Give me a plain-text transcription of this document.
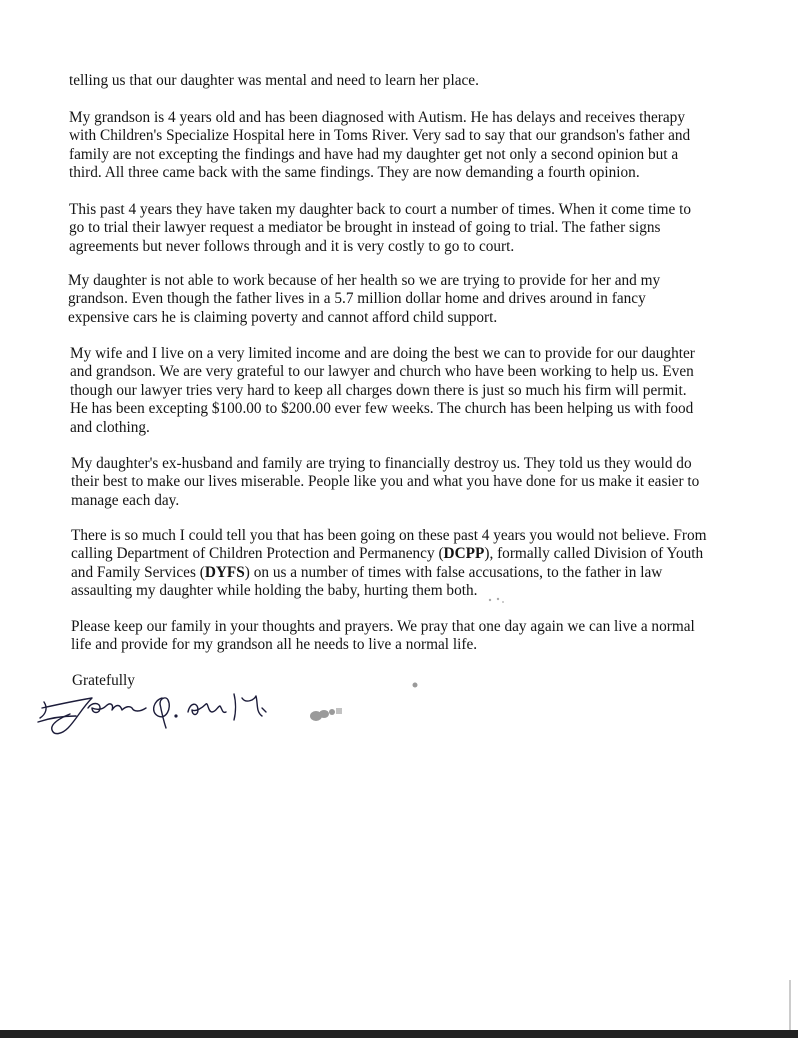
telling us that our daughter was mental and need to learn her place.

My grandson is 4 years old and has been diagnosed with Autism. He has delays and receives therapy
with Children's Specialize Hospital here in Toms River. Very sad to say that our grandson's father and
family are not excepting the findings and have had my daughter get not only a second opinion but a
third. All three came back with the same findings. They are now demanding a fourth opinion.

This past 4 years they have taken my daughter back to court a number of times. When it come time to
go to trial their lawyer request a mediator be brought in instead of going to trial. The father signs
agreements but never follows through and it is very costly to go to court.

My daughter is not able to work because of her health so we are trying to provide for her and my
grandson. Even though the father lives in a 5.7 million dollar home and drives around in fancy
expensive cars he is claiming poverty and cannot afford child support.

My wife and I live on a very limited income and are doing the best we can to provide for our daughter
and grandson. We are very grateful to our lawyer and church who have been working to help us. Even
though our lawyer tries very hard to keep all charges down there is just so much his firm will permit.
He has been excepting $100.00 to $200.00 ever few weeks. The church has been helping us with food
and clothing.

My daughter's ex-husband and family are trying to financially destroy us. They told us they would do
their best to make our lives miserable. People like you and what you have done for us make it easier to
manage each day.

There is so much I could tell you that has been going on these past 4 years you would not believe. From
calling Department of Children Protection and Permanency (DCPP), formally called Division of Youth
and Family Services (DYFS) on us a number of times with false accusations, to the father in law
assaulting my daughter while holding the baby, hurting them both.

Please keep our family in your thoughts and prayers. We pray that one day again we can live a normal
life and provide for my grandson all he needs to live a normal life.

Gratefully
